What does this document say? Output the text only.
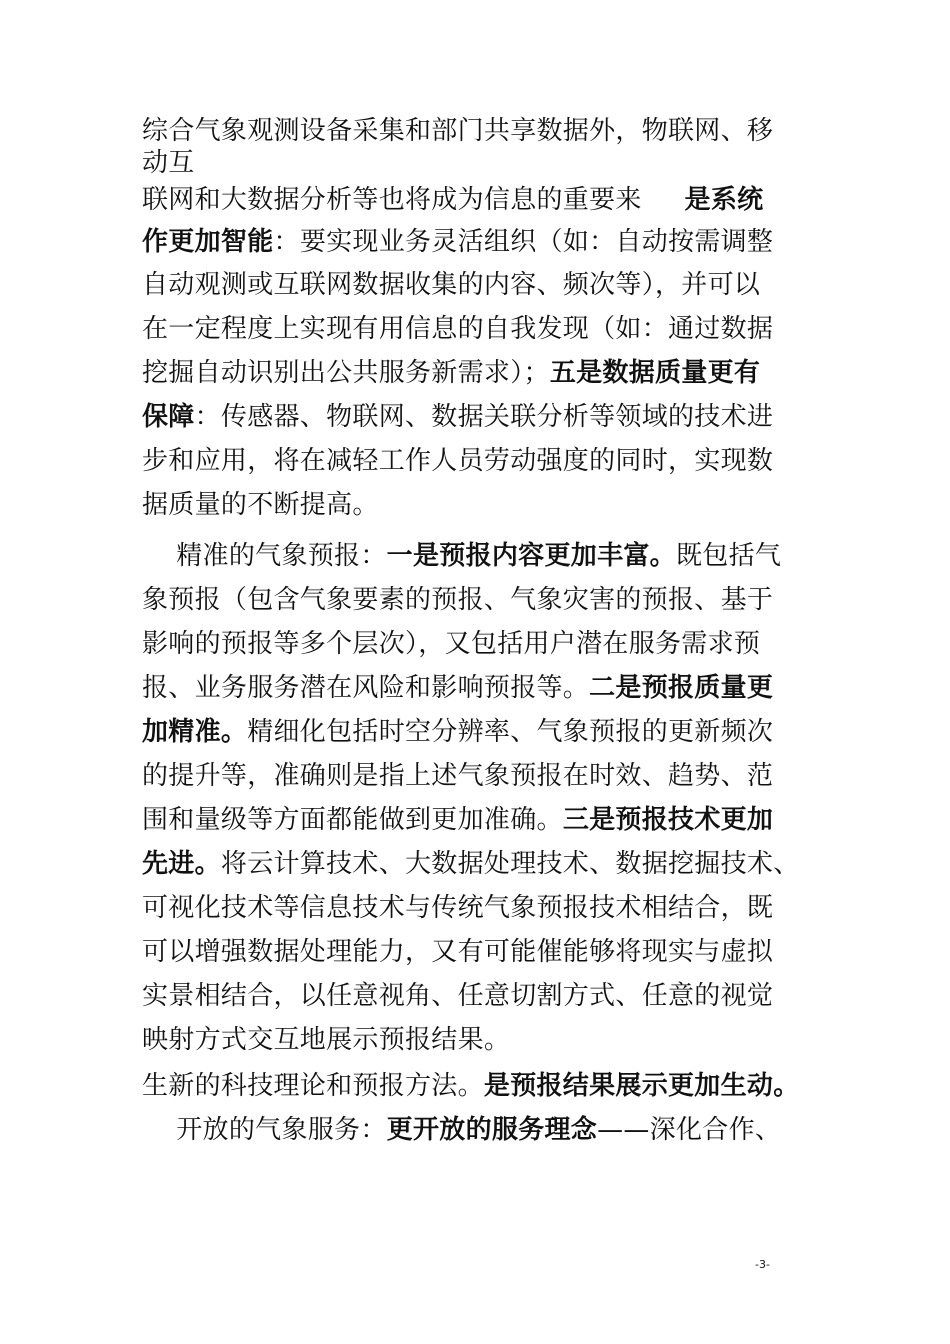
综合气象观测设备采集和部门共享数据外，物联网、移
动互
联网和大数据分析等也将成为信息的重要来 是系统
作更加智能：要实现业务灵活组织（如：自动按需调整
自动观测或互联网数据收集的内容、频次等），并可以
在一定程度上实现有用信息的自我发现（如：通过数据
挖掘自动识别出公共服务新需求）；五是数据质量更有
保障：传感器、物联网、数据关联分析等领域的技术进
步和应用，将在减轻工作人员劳动强度的同时，实现数
据质量的不断提高。
精准的气象预报：一是预报内容更加丰富。既包括气
象预报（包含气象要素的预报、气象灾害的预报、基于
影响的预报等多个层次），又包括用户潜在服务需求预
报、业务服务潜在风险和影响预报等。二是预报质量更
加精准。精细化包括时空分辨率、气象预报的更新频次
的提升等，准确则是指上述气象预报在时效、趋势、范
围和量级等方面都能做到更加准确。三是预报技术更加
先进。将云计算技术、大数据处理技术、数据挖掘技术、
可视化技术等信息技术与传统气象预报技术相结合，既
可以增强数据处理能力，又有可能催能够将现实与虚拟
实景相结合，以任意视角、任意切割方式、任意的视觉
映射方式交互地展示预报结果。
生新的科技理论和预报方法。是预报结果展示更加生动。
开放的气象服务：更开放的服务理念——深化合作、
-3-
